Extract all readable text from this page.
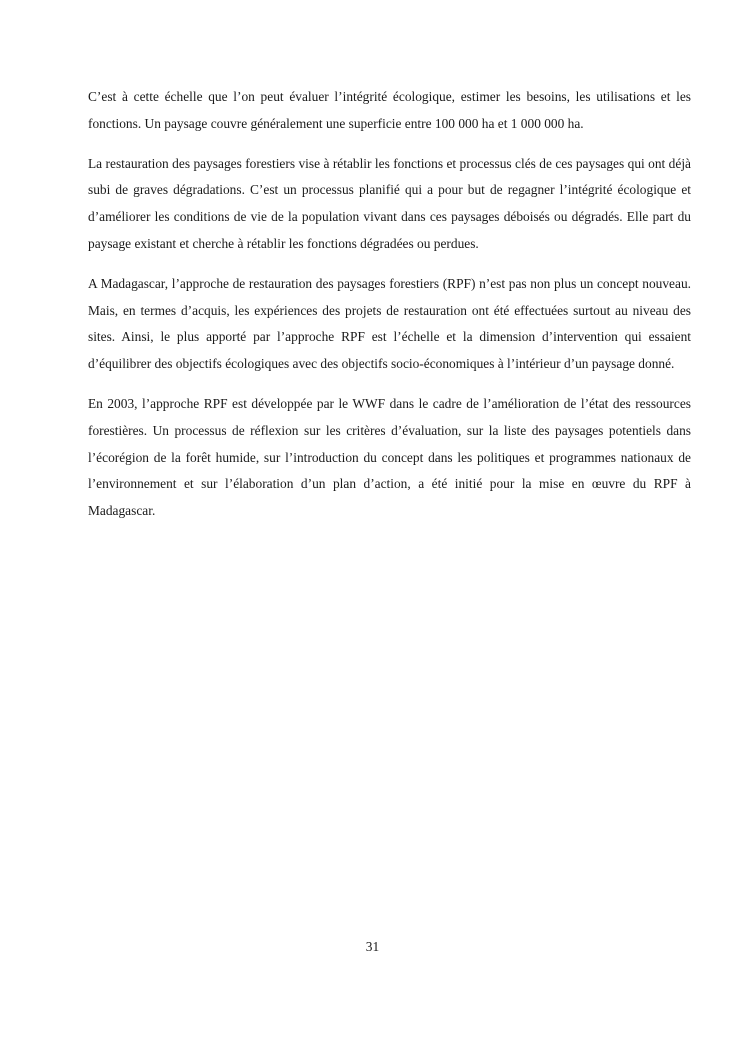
C’est à cette échelle que l’on peut évaluer l’intégrité écologique, estimer les besoins, les utilisations et les fonctions. Un paysage couvre généralement une superficie entre 100 000 ha et 1 000 000 ha.

La restauration des paysages forestiers vise à rétablir les fonctions et processus clés de ces paysages qui ont déjà subi de graves dégradations. C’est un processus planifié qui a pour but de regagner l’intégrité écologique et d’améliorer les conditions de vie de la population vivant dans ces paysages déboisés ou dégradés. Elle part du paysage existant et cherche à rétablir les fonctions dégradées ou perdues.

A Madagascar, l’approche de restauration des paysages forestiers (RPF) n’est pas non plus un concept nouveau. Mais, en termes d’acquis, les expériences des projets de restauration ont été effectuées surtout au niveau des sites. Ainsi, le plus apporté par l’approche RPF est l’échelle et la dimension d’intervention qui essaient d’équilibrer des objectifs écologiques avec des objectifs socio-économiques à l’intérieur d’un paysage donné.

En 2003, l’approche RPF est développée par le WWF dans le cadre de l’amélioration de l’état des ressources forestières. Un processus de réflexion sur les critères d’évaluation, sur la liste des paysages potentiels dans l’écorégion de la forêt humide, sur l’introduction du concept dans les politiques et programmes nationaux de l’environnement et sur l’élaboration d’un plan d’action, a été initié pour la mise en œuvre du RPF à Madagascar.

31
